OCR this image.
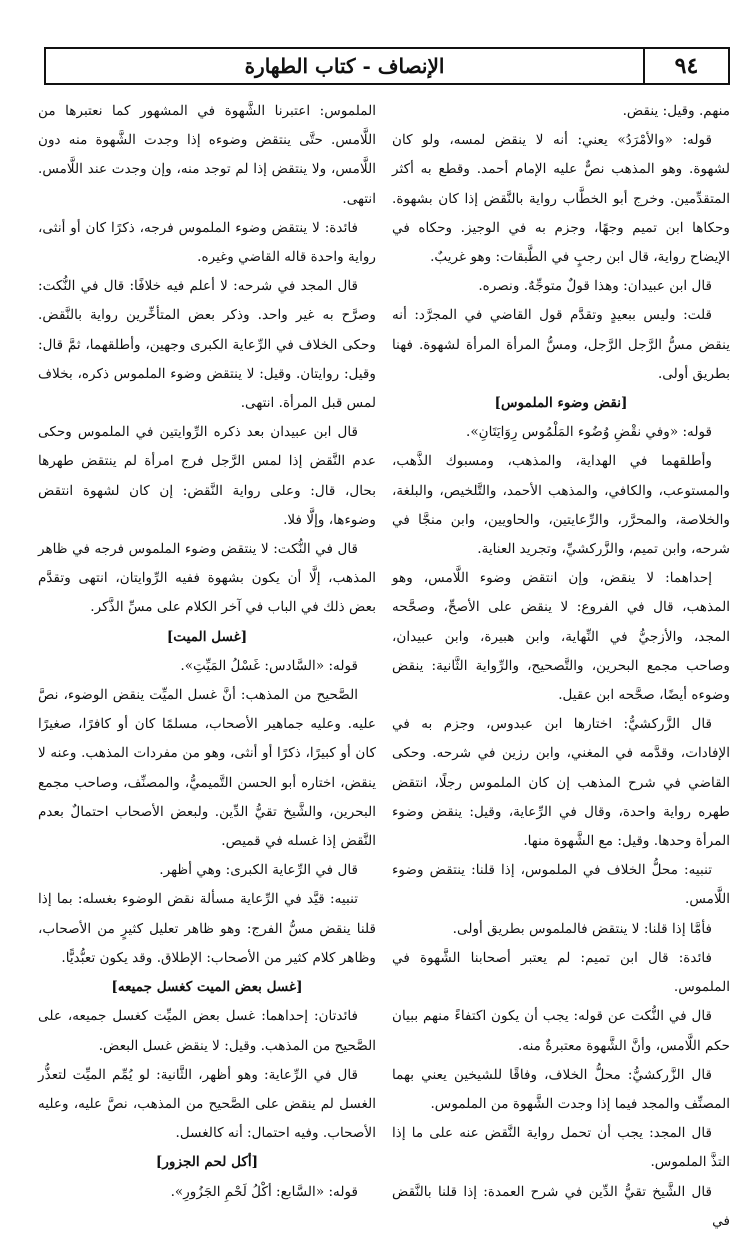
٩٤
الإنصاف - كتاب الطهارة

منهم. وقيل: ينقض.

قوله: «والأمْرَدُ» يعني: أنه لا ينقض لمسه، ولو كان لشهوة. وهو المذهب نصٌّ عليه الإمام أحمد. وقطع به أكثر المتقدِّمين. وخرج أبو الخطَّاب رواية بالنَّقض إذا كان بشهوة. وحكاها ابن تميم وجهًا، وجزم به في الوجيز. وحكاه في الإيضاح رواية، قال ابن رجبٍ في الطَّبقات: وهو غريبٌ.

قال ابن عبيدان: وهذا قولٌ متوجِّهٌ. ونصره.

قلت: وليس ببعيدٍ وتقدَّم قول القاضي في المجرَّد: أنه ينقض مسُّ الرَّجل الرَّجل، ومسُّ المرأة المرأة لشهوة. فهنا بطريق أولى.

[نقض وضوء الملموس]

قوله: «وفي نقْضِ وُضُوء المَلْمُوس رِوَايَتَانِ».

وأطلقهما في الهداية، والمذهب، ومسبوك الذَّهب، والمستوعب، والكافي، والمذهب الأحمد، والتَّلخيص، والبلغة، والخلاصة، والمحرَّر، والرِّعايتين، والحاويين، وابن منجَّا في شرحه، وابن تميم، والزَّركشيِّ، وتجريد العناية.

إحداهما: لا ينقض، وإن انتقض وضوء اللَّامس، وهو المذهب، قال في الفروع: لا ينقض على الأصحِّ، وصحَّحه المجد، والأزجيُّ في النِّهاية، وابن هبيرة، وابن عبيدان، وصاحب مجمع البحرين، والتَّصحيح، والرِّواية الثَّانية: ينقض وضوءه أيضًا، صحَّحه ابن عقيل.

قال الزَّركشيُّ: اختارها ابن عبدوس، وجزم به في الإفادات، وقدَّمه في المغني، وابن رزين في شرحه. وحكى القاضي في شرح المذهب إن كان الملموس رجلًا، انتقض طهره رواية واحدة، وقال في الرِّعاية، وقيل: ينقض وضوء المرأة وحدها. وقيل: مع الشَّهوة منها.

تنبيه: محلُّ الخلاف في الملموس، إذا قلنا: ينتقض وضوء اللَّامس.

فأمَّا إذا قلنا: لا ينتقض فالملموس بطريق أولى.

فائدة: قال ابن تميم: لم يعتبر أصحابنا الشَّهوة في الملموس.

قال في النُّكت عن قوله: يجب أن يكون اكتفاءً منهم ببيان حكم اللَّامس، وأنَّ الشَّهوة معتبرةٌ منه.

قال الزَّركشيُّ: محلُّ الخلاف، وفاقًا للشيخين يعني بهما المصنِّف والمجد فيما إذا وجدت الشَّهوة من الملموس.

قال المجد: يجب أن تحمل رواية النَّقض عنه على ما إذا التذَّ الملموس.

قال الشَّيخ تقيُّ الدِّين في شرح العمدة: إذا قلنا بالنَّقض في

الملموس: اعتبرنا الشَّهوة في المشهور كما نعتبرها من اللَّامس. حتَّى ينتقض وضوءه إذا وجدت الشَّهوة منه دون اللَّامس، ولا ينتقض إذا لم توجد منه، وإن وجدت عند اللَّامس. انتهى.

فائدة: لا ينتقض وضوء الملموس فرجه، ذكرًا كان أو أنثى، رواية واحدة قاله القاضي وغيره.

قال المجد في شرحه: لا أعلم فيه خلافًا: قال في النُّكت: وصرَّح به غير واحد. وذكر بعض المتأخِّرين رواية بالنَّقض. وحكى الخلاف في الرِّعاية الكبرى وجهين، وأطلقهما، ثمَّ قال: وقيل: روايتان. وقيل: لا ينتقض وضوء الملموس ذكره، بخلاف لمس قبل المرأة. انتهى.

قال ابن عبيدان بعد ذكره الرِّوايتين في الملموس وحكى عدم النَّقض إذا لمس الرَّجل فرج امرأة لم ينتقض طهرها بحال، قال: وعلى رواية النَّقض: إن كان لشهوة انتقض وضوءها، وإلَّا فلا.

قال في النُّكت: لا ينتقض وضوء الملموس فرجه في ظاهر المذهب، إلَّا أن يكون بشهوة ففيه الرِّوايتان، انتهى وتقدَّم بعض ذلك في الباب في آخر الكلام على مسِّ الذَّكر.

[غسل الميت]

قوله: «السَّادس: غَسْلُ المَيِّتِ».

الصَّحيح من المذهب: أنَّ غسل الميِّت ينقض الوضوء، نصَّ عليه. وعليه جماهير الأصحاب، مسلمًا كان أو كافرًا، صغيرًا كان أو كبيرًا، ذكرًا أو أنثى، وهو من مفردات المذهب. وعنه لا ينقض، اختاره أبو الحسن التَّميميُّ، والمصنِّف، وصاحب مجمع البحرين، والشَّيخ تقيُّ الدِّين. ولبعض الأصحاب احتمالٌ بعدم النَّقض إذا غسله في قميص.

قال في الرِّعاية الكبرى: وهي أظهر.

تنبيه: قيَّد في الرِّعاية مسألة نقض الوضوء بغسله: بما إذا قلنا ينقض مسُّ الفرج: وهو ظاهر تعليل كثيرٍ من الأصحاب، وظاهر كلام كثير من الأصحاب: الإطلاق. وقد يكون تعبُّديًّا.

[غسل بعض الميت كغسل جميعه]

فائدتان: إحداهما: غسل بعض الميِّت كغسل جميعه، على الصَّحيح من المذهب. وقيل: لا ينقض غسل البعض.

قال في الرِّعاية: وهو أظهر، الثَّانية: لو يُمِّم الميِّت لتعذُّر الغسل لم ينقض على الصَّحيح من المذهب، نصَّ عليه، وعليه الأصحاب. وفيه احتمال: أنه كالغسل.

[أكل لحم الجزور]

قوله: «السَّابع: أكْلُ لَحْمِ الجَزُورِ».
